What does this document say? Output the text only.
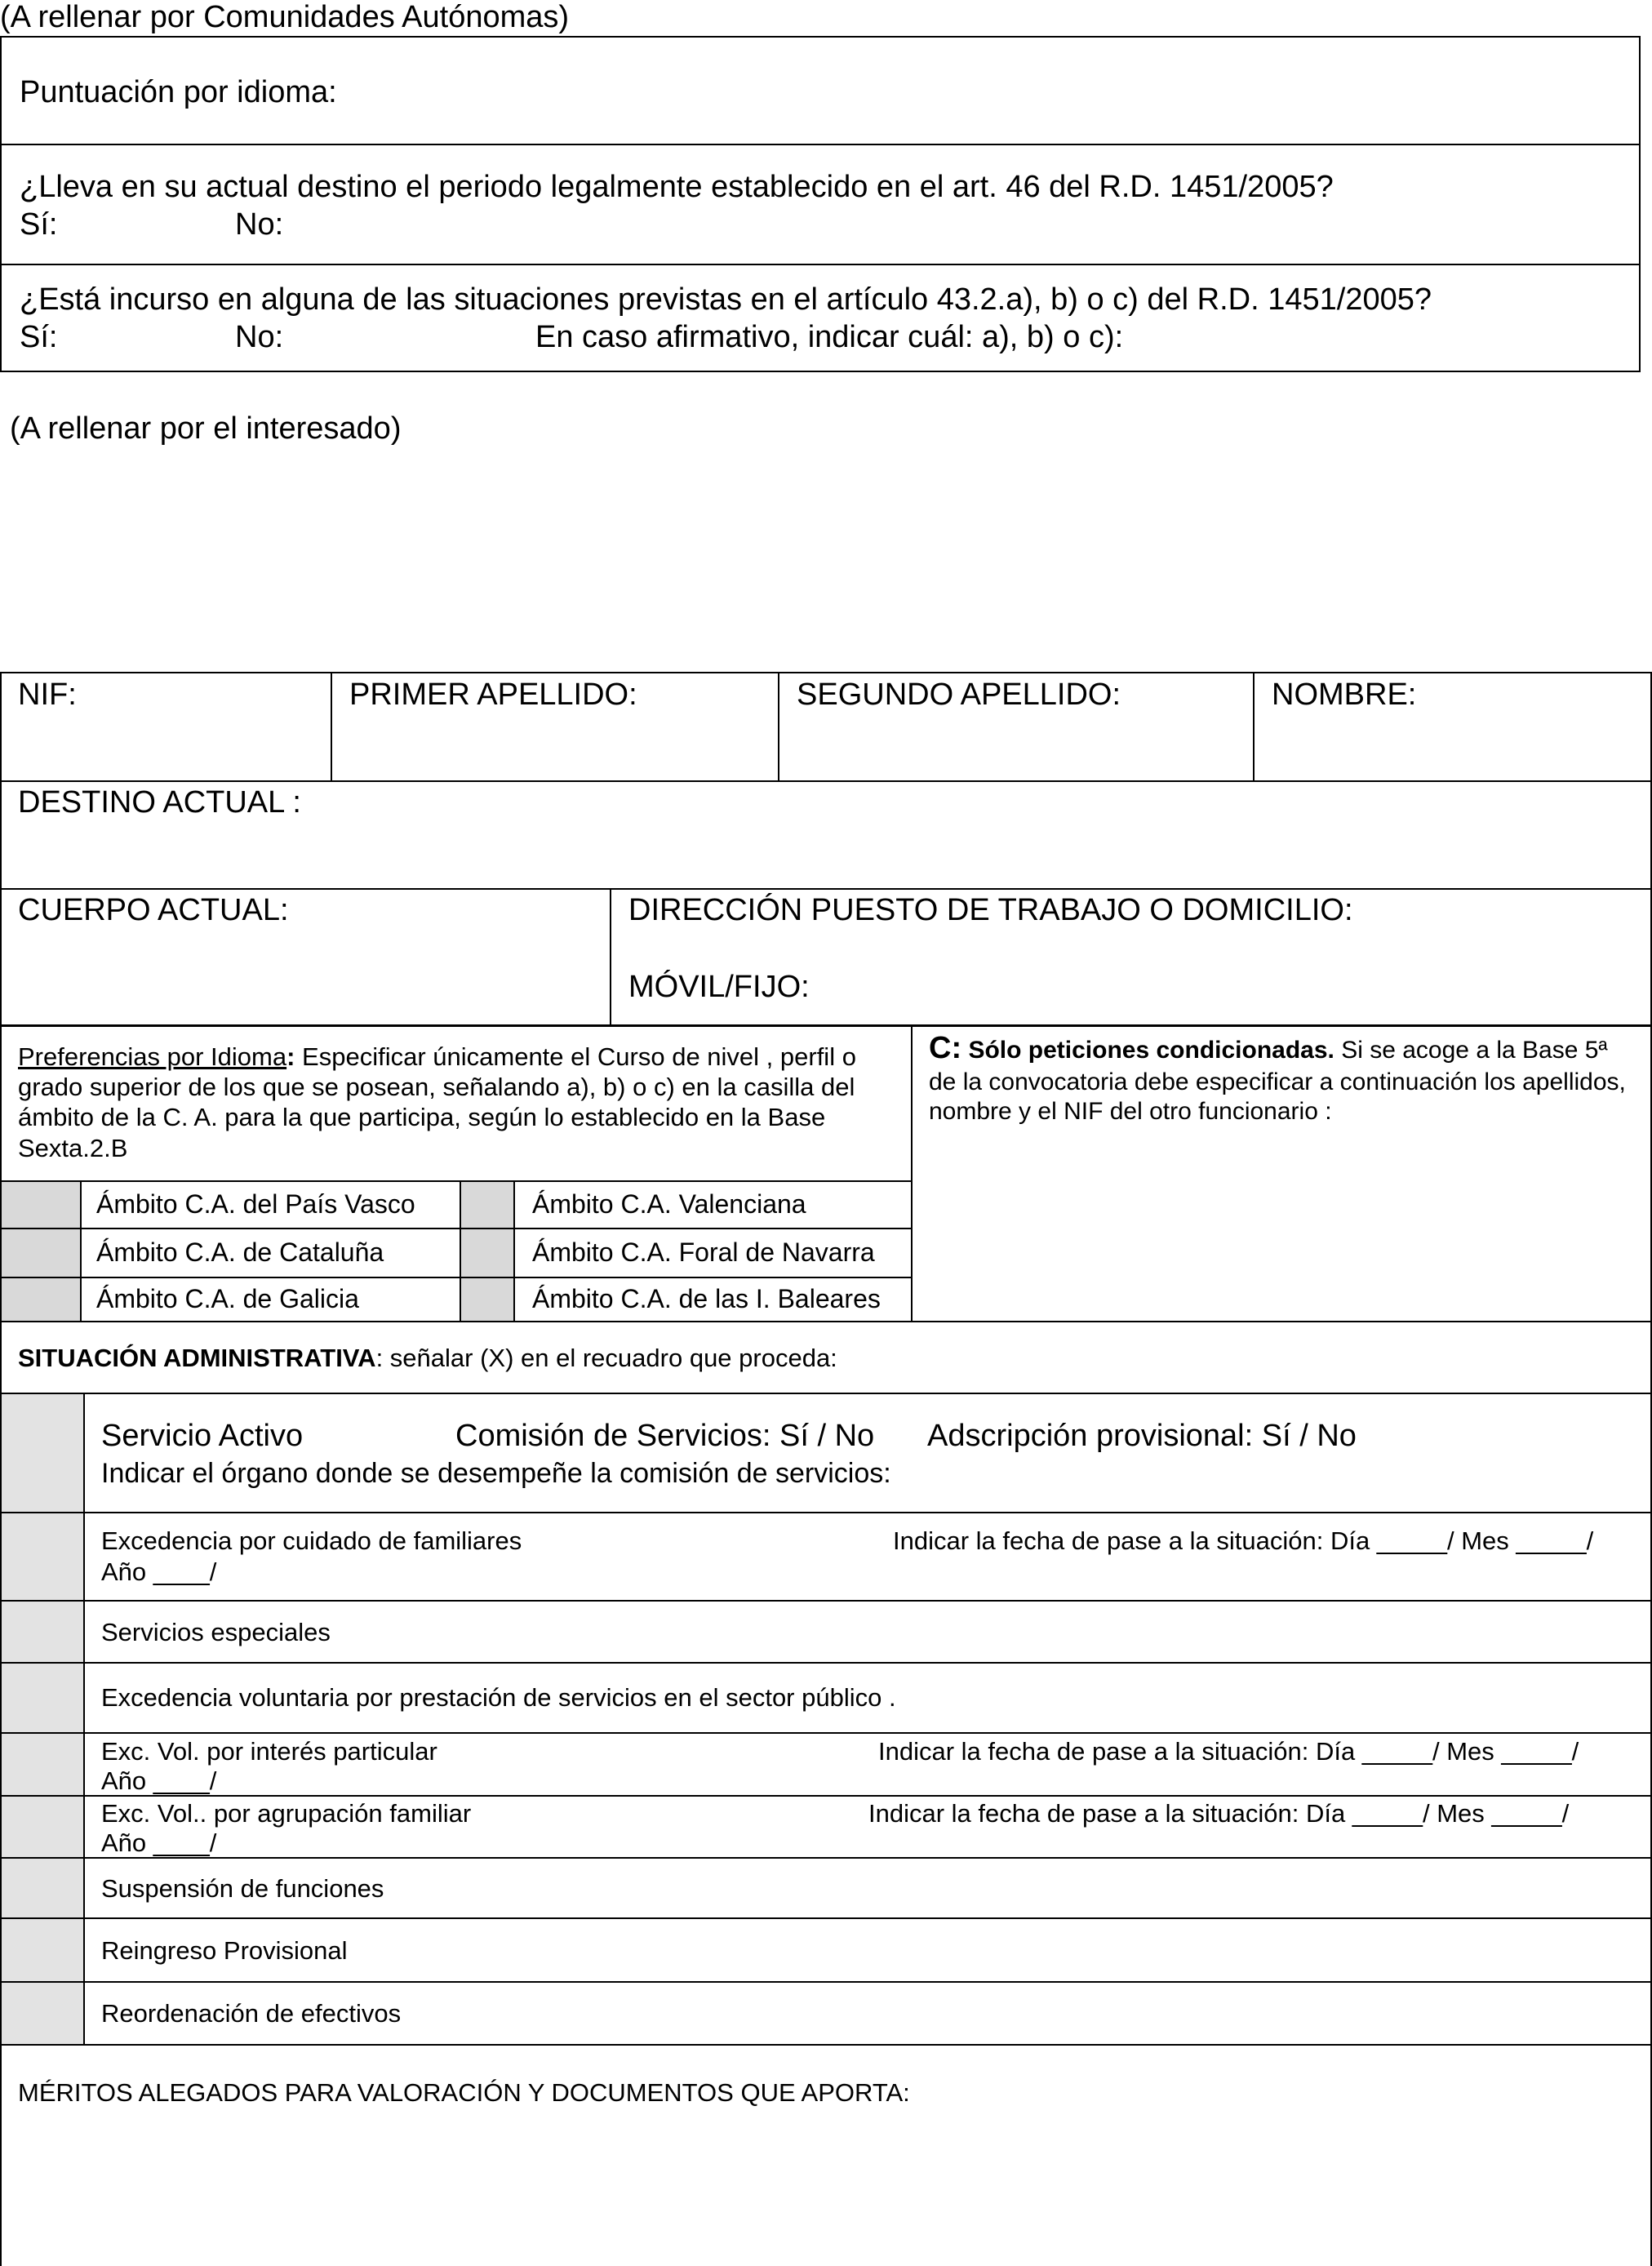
(A rellenar por Comunidades Autónomas)
Puntuación por idioma:
¿Lleva en su actual destino el periodo legalmente establecido en el art. 46 del R.D. 1451/2005?
Sí:	No:
¿Está incurso en alguna de las situaciones previstas en el artículo 43.2.a), b) o c) del R.D. 1451/2005?
Sí:	No:	En caso afirmativo, indicar cuál: a), b) o c):
(A rellenar por el interesado)
NIF:	PRIMER APELLIDO:	SEGUNDO APELLIDO:	NOMBRE:
DESTINO ACTUAL :
CUERPO ACTUAL:	DIRECCIÓN PUESTO DE TRABAJO O DOMICILIO:
MÓVIL/FIJO:
Preferencias por Idioma: Especificar únicamente el Curso de nivel , perfil o grado superior de los que se posean, señalando a), b) o c) en la casilla del ámbito de la C. A. para la que participa, según lo establecido en la Base Sexta.2.B
C: Sólo peticiones condicionadas. Si se acoge a la Base 5ª de la convocatoria debe especificar a continuación los apellidos, nombre y el NIF del otro funcionario :
Ámbito C.A. del País Vasco	Ámbito C.A. Valenciana
Ámbito C.A. de Cataluña	Ámbito C.A. Foral de Navarra
Ámbito C.A. de Galicia	Ámbito C.A. de las I. Baleares
SITUACIÓN ADMINISTRATIVA: señalar (X) en el recuadro que proceda:
Servicio Activo	Comisión de Servicios: Sí / No Adscripción provisional: Sí / No
Indicar el órgano donde se desempeñe la comisión de servicios:
Excedencia por cuidado de familiares	Indicar la fecha de pase a la situación: Día _____/ Mes _____/
Año ____/
Servicios especiales
Excedencia voluntaria por prestación de servicios en el sector público .
Exc. Vol. por interés particular	Indicar la fecha de pase a la situación: Día _____/ Mes _____/
Año ____/
Exc. Vol.. por agrupación familiar	Indicar la fecha de pase a la situación: Día _____/ Mes _____/
Año ____/
Suspensión de funciones
Reingreso Provisional
Reordenación de efectivos
MÉRITOS ALEGADOS PARA VALORACIÓN Y DOCUMENTOS QUE APORTA:
